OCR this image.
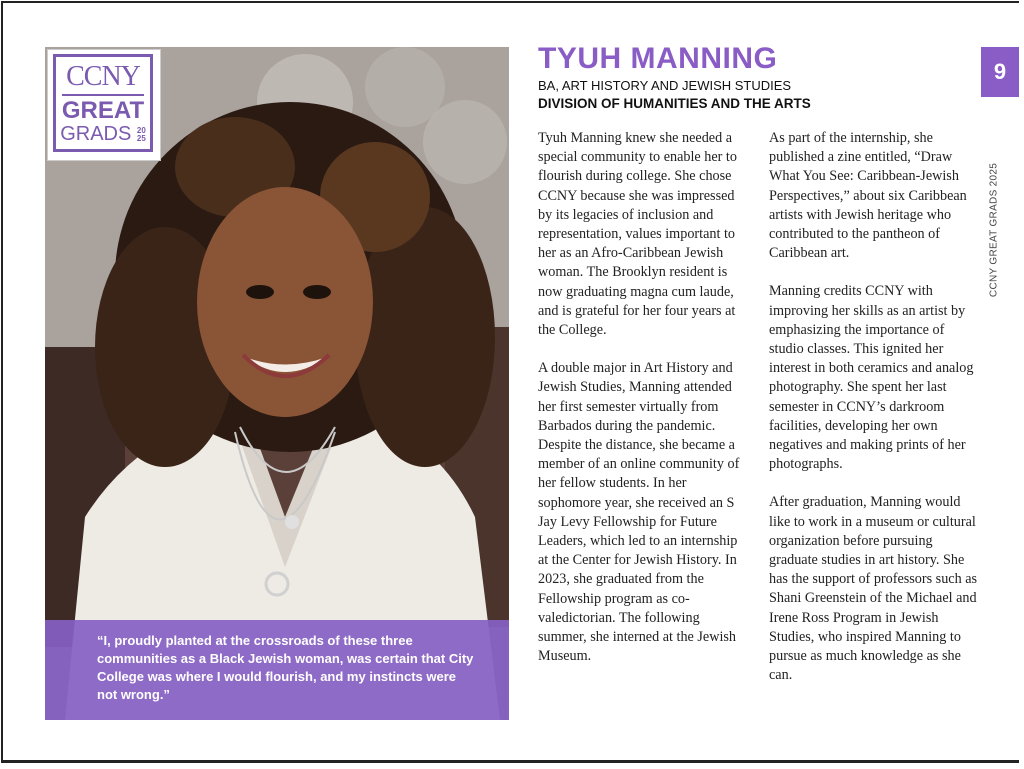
CCNY
GREAT
GRADS 20
25
“I, proudly planted at the crossroads of these three communities as a Black Jewish woman, was certain that City College was where I would flourish, and my instincts were not wrong.”
TYUH MANNING
BA, ART HISTORY AND JEWISH STUDIES
DIVISION OF HUMANITIES AND THE ARTS

Tyuh Manning knew she needed a special community to enable her to flourish during college. She chose CCNY because she was impressed by its legacies of inclusion and representation, values important to her as an Afro-Caribbean Jewish woman. The Brooklyn resident is now graduating magna cum laude, and is grateful for her four years at the College.

A double major in Art History and Jewish Studies, Manning attended her first semester virtually from Barbados during the pandemic. Despite the distance, she became a member of an online community of her fellow students. In her sophomore year, she received an S Jay Levy Fellowship for Future Leaders, which led to an internship at the Center for Jewish History. In 2023, she graduated from the Fellowship program as co-valedictorian. The following summer, she interned at the Jewish Museum.

As part of the internship, she published a zine entitled, “Draw What You See: Caribbean-Jewish Perspectives,” about six Caribbean artists with Jewish heritage who contributed to the pantheon of Caribbean art.

Manning credits CCNY with improving her skills as an artist by emphasizing the importance of studio classes. This ignited her interest in both ceramics and analog photography. She spent her last semester in CCNY’s darkroom facilities, developing her own negatives and making prints of her photographs.

After graduation, Manning would like to work in a museum or cultural organization before pursuing graduate studies in art history. She has the support of professors such as Shani Greenstein of the Michael and Irene Ross Program in Jewish Studies, who inspired Manning to pursue as much knowledge as she can.

9
CCNY GREAT GRADS 2025
